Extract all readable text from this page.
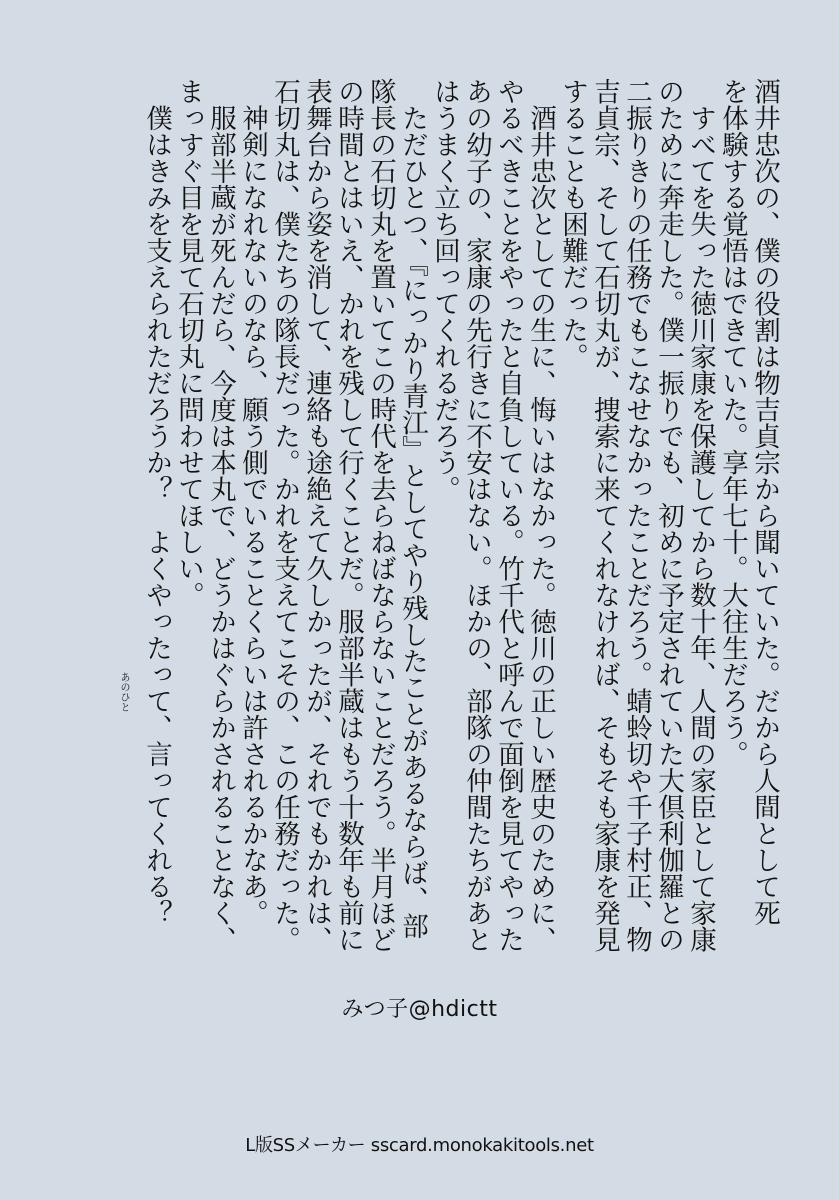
酒井忠次の、僕の役割は物吉貞宗から聞いていた。だから人間として死
を体験する覚悟はできていた。享年七十。大往生だろう。
　すべてを失った徳川家康を保護してから数十年、人間の家臣として家康
のために奔走した。僕一振りでも、初めに予定されていた大倶利伽羅との
二振りきりの任務でもこなせなかったことだろう。蜻蛉切や千子村正、物
吉貞宗、そして石切丸が、捜索に来てくれなければ、そもそも家康を発見
することも困難だった。
　酒井忠次としての生に、悔いはなかった。徳川の正しい歴史のために、
やるべきことをやったと自負している。竹千代と呼んで面倒を見てやった
あの幼子の、家康の先行きに不安はない。ほかの、部隊の仲間たちがあと
はうまく立ち回ってくれるだろう。
　ただひとつ、『にっかり青江』としてやり残したことがあるならば、部
隊長の石切丸を置いてこの時代を去らねばならないことだろう。半月ほど
の時間とはいえ、かれを残して行くことだ。服部半蔵はもう十数年も前に
表舞台から姿を消して、連絡も途絶えて久しかったが、それでもかれは、
石切丸は、僕たちの隊長だった。かれを支えてこその、この任務だった。
　神剣になれないのなら、願う側でいることくらいは許されるかなあ。
　服部半蔵が死んだら、今度は本丸で、どうかはぐらかされることなく、
まっすぐ目を見て石切丸に問わせてほしい。
　僕はきみを支えられただろうか？　よくやったって、言ってくれる？
あのひと
みつ子@hdictt
L版SSメーカー sscard.monokakitools.net
